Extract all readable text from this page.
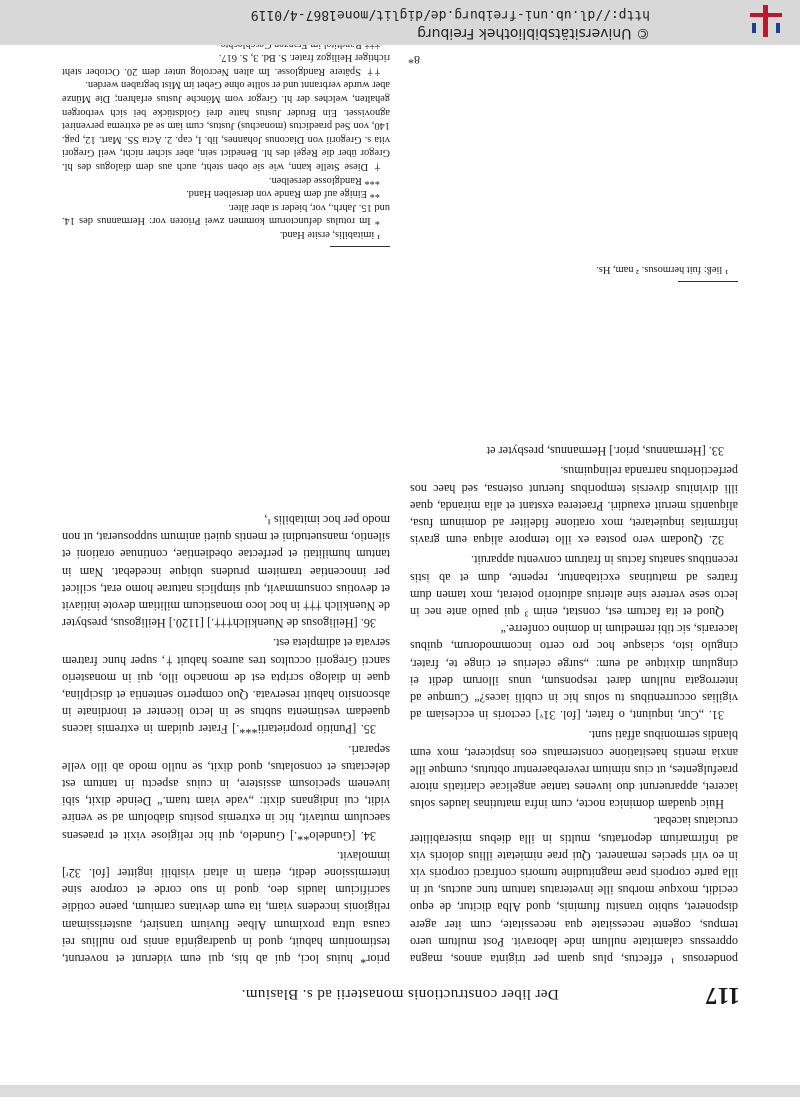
117
Der liber constructionis monasterii ad s. Blasium.

ponderosus ¹ effectus, plus quam per triginta annos, magna oppressus calamitate nullum inde laboravit. Post multum uero tempus, cogente necessitate qua necessitate, cum iter agere disponeret, subito transitu fluminis, quod Alba dicitur, de equo cecidit, moxque morbus ille inveteratus tantum tunc auctus, ut in illa parte corporis prae magnitudine tumoris confracti corporis vix in eo viri species remaneret. Qui prae nimietate illius doloris vix ad infirmarium deportatus, multis in illa diebus miserabiliter cruciatus iacebat.

Huic quadam dominica nocte, cum infra matutinas laudes solus iaceret, apparuerunt duo iuvenes tantae angelicae claritatis nitore praefulgentes, ut cius nimium reverebaerentur obtutus, cumque ille anxia mentis haesitatione consternatus eos inspiceret, mox eum blandis sermonibus affati sunt.

31. „Cur, inquiunt, o frater, [fol. 31ᵛ] cectoris in ecclesiam ad vigilias occurrentibus tu solus hic in cubili iaces?“ Cumque ad interrogata nullum daret responsum, unus illorum dedit ei cingulum dixitque ad eum: „surge celerius et cinge te, frater, cingulo isto, sciasque hoc pro certo incommodorum, quibus laceraris, sic tibi remedium in domino conferre.“

Quod et ita factum est, constat, enim ³ qui paulo ante nec in lecto sese vertere sine alterius adiutorio poterat, mox tamen dum fratres ad matutinas excitabantur, repente, dum et ab istis recentibus sanatus factus in fratrum conventu apparuit.

32. Quodam vero postea ex illo tempore aliqua eum gravis infirmitas inquietaret, mox oratione fideliter ad dominum fusa, aliquantis meruit exaudiri. Praeterea exstant et alia miranda, quae illi divinitus diversis temporibus fuerunt ostensa, sed haec nos perfectioribus narranda relinquimus.

33. [Hermannus, prior.] Hermannus, presbyter et

prior* huius loci, qui ab his, qui eum viderunt et noverunt, testimonium habuit, quod in quadragintia annis pro nullius rei causa ultra proximum Albae fluvium transiret, austerissimam religionis incedens viam, ita eum devitans carnium, paene cotidie sacrificium laudis deo, quod in suo corde et corpore sine intermissione dedit, etiam in altari visibili ingitter [fol. 32ʳ] immolavit.

34. [Gundelo**.] Gundelo, qui hic religiose vixit et praesens saeculum mutavit, hic in extremis positus diabolum ad se venire vidit, cui indignans dixit: „vade viam tuam.“ Deinde dixit, sibi iuvenem speciosum assistere, in cuius aspectu in tantum est delectatus et consolatus, quod dixit, se nullo modo ab illo velle separari.

35. [Punitio proprietarii***.] Frater quidam in extremis iacens quaedam vestimenta subtus se in lecto licenter et inordinate in absconsito habuit reservata. Quo comperto sententia et disciplina, quae in dialogo scripta est de monacho illo, qui in monasterio sancti Gregorii occultos tres aureos habuit †, super hunc fratrem servata et adimpleta est.

36. [Heiligosus de Nuenkilch†††.] [1120.] Heiligosus, presbyter de Nuenkilch ††† in hoc loco monasticum militiam devote initiavit et devotius consummavit, qui simplicis naturae homo erat, scilicet per innocentiae tramitem prudens ubique incedebat. Nam in tantum humilitati et perfectae obedientiae, continuae orationi et silentio, mansuetudini et mentis quieti animum supposuerat, ut non modo per hoc imitabilis ¹,

¹ ließ: fuit hermosus. ² nam, Hs.

¹ imitabilis, ersite Hand.

* Im rotulus defunctorum kommen zwei Prioren vor: Hermannus des 14. und 15. Jahrh., vor, bieder st aber älter.

** Einige auf dem Rande von derselben Hand.

*** Randglosse derselben.

† Diese Stelle kann, wie sie oben steht, auch aus dem dialogus des hl. Gregor über die Regel des hl. Benedict sein, aber sicher nicht, weil Gregori vita s. Gregorii von Diaconus Johannes, lib. I, cap. 2. Acta SS. Mart. 12, pag. 140, von Sed praedictus (monachus) Justus, cum iam se ad extrema perveniret agnovisset. Ein Bruder Justus hatte drei Goldstücke bei sich verborgen gehalten, welches der hl. Gregor vom Mönche Justus erfahren; Die Münze aber wurde verbrannt und er sollte ohne Gebet im Mist begraben werden.

†† Spätere Randglosse. Im alten Necrolog unter dem 20. October steht richtiger Heiligoz frater. S. Bd. 3, S. 617. 8*
© Universitätsbibliothek Freiburg
http://dl.ub.uni-freiburg.de/diglit/mone1867-4/0119
